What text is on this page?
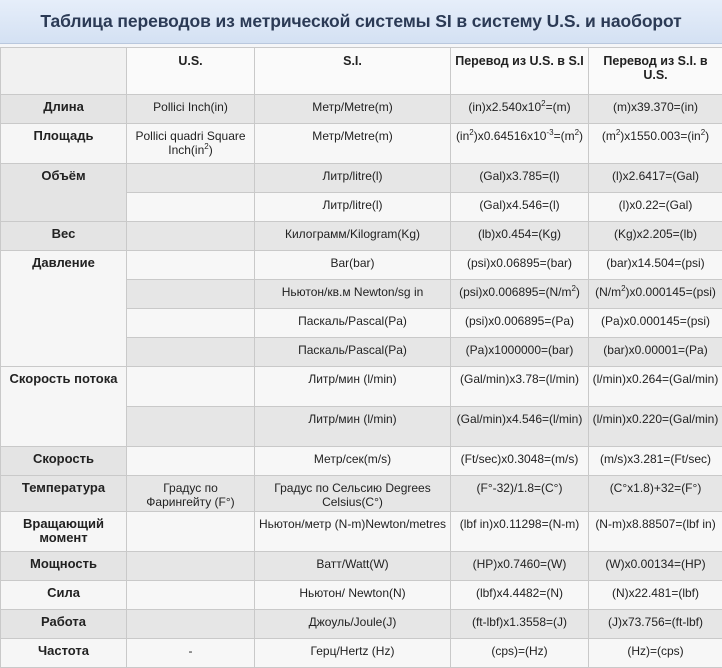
Таблица переводов из метрической системы SI в систему U.S. и наоборот
	U.S.	S.I.	Перевод из U.S. в S.I	Перевод из S.I. в U.S.
Длина	Pollici Inch(in)	Метр/Metre(m)	$(in)x2.540x10^2=(m)$	(m)x39.370=(in)
Площадь	Pollici quadri Square $Inch(in^2)$	Метр/Metre(m)	$(in^2)x0.64516x10^{-3}=(m^2)$	$(m^2)x1550.003=(in^2)$
Объём		Литр/litre(l)	(Gal)x3.785=(l)	(l)x2.6417=(Gal)
		Литр/litre(l)	(Gal)x4.546=(l)	(l)x0.22=(Gal)
Вес		Килограмм/Kilogram(Kg)	(lb)x0.454=(Kg)	(Kg)x2.205=(lb)
Давление		Bar(bar)	(psi)x0.06895=(bar)	(bar)x14.504=(psi)
		Ньютон/кв.м Newton/sg in	$(psi)x0.006895=(N/m^2)$	$(N/m^2)x0.000145=(psi)$
		Паскаль/Pascal(Pa)	(psi)x0.006895=(Pa)	(Pa)x0.000145=(psi)
		Паскаль/Pascal(Pa)	(Pa)x1000000=(bar)	(bar)x0.00001=(Pa)
Скорость потока		Литр/мин (l/min)	(Gal/min)x3.78=(l/min)	(l/min)x0.264=(Gal/min)
		Литр/мин (l/min)	(Gal/min)x4.546=(l/min)	(l/min)x0.220=(Gal/min)
Скорость		Метр/сек(m/s)	(Ft/sec)x0.3048=(m/s)	(m/s)x3.281=(Ft/sec)
Температура	Градус по Фарингейту (F°)	Градус по Сельсию Degrees Celsius(C°)	(F°-32)/1.8=(C°)	(C°x1.8)+32=(F°)
Вращающий момент		Ньютон/метр (N-m)Newton/metres	(lbf in)x0.11298=(N-m)	(N-m)x8.88507=(lbf in)
Мощность		Ватт/Watt(W)	(HP)x0.7460=(W)	(W)x0.00134=(HP)
Сила		Ньютон/ Newton(N)	(lbf)x4.4482=(N)	(N)x22.481=(lbf)
Работа		Джоуль/Joule(J)	(ft-lbf)x1.3558=(J)	(J)x73.756=(ft-lbf)
Частота	-	Герц/Hertz (Hz)	(cps)=(Hz)	(Hz)=(cps)
